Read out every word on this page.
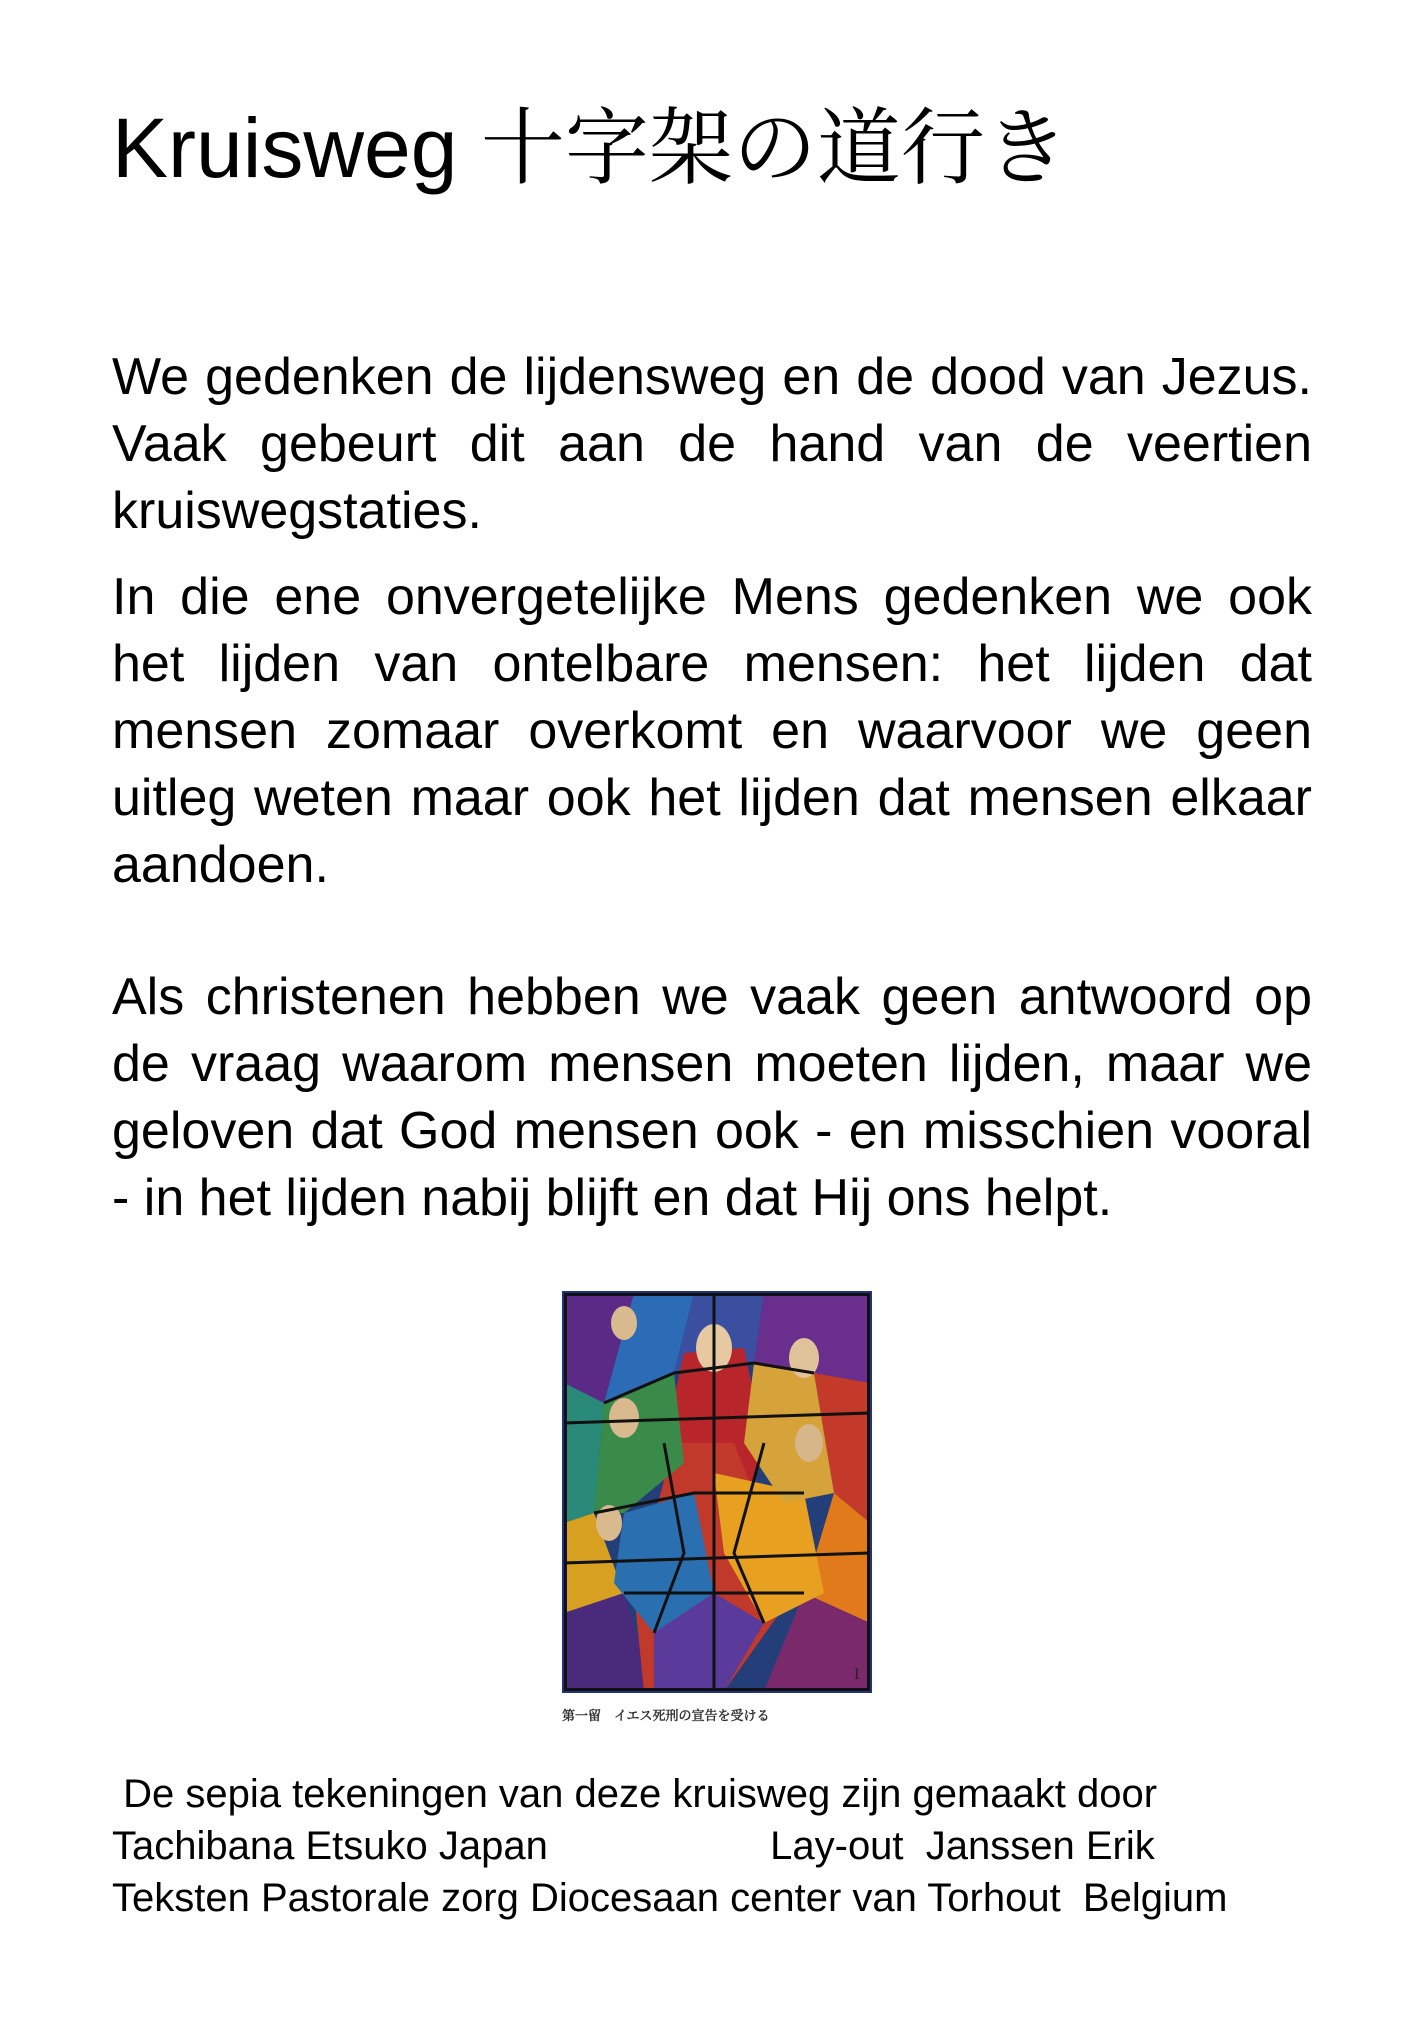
Kruisweg 十字架の道行き

We gedenken de lijdensweg en de dood van Jezus. Vaak gebeurt dit aan de hand van de veertien kruiswegstaties.

In die ene onvergetelijke Mens gedenken we ook het lijden van ontelbare mensen: het lijden dat mensen zomaar overkomt en waarvoor we geen uitleg weten maar ook het lijden dat mensen elkaar aandoen.

Als christenen hebben we vaak geen antwoord op de vraag waarom mensen moeten lijden, maar we geloven dat God mensen ook - en misschien vooral - in het lijden nabij blijft en dat Hij ons helpt.

I
第一留　イエス死刑の宣告を受ける
De sepia tekeningen van deze kruisweg zijn gemaakt door
Tachibana Etsuko Japan                    Lay-out  Janssen Erik
Teksten Pastorale zorg Diocesaan center van Torhout  Belgium
